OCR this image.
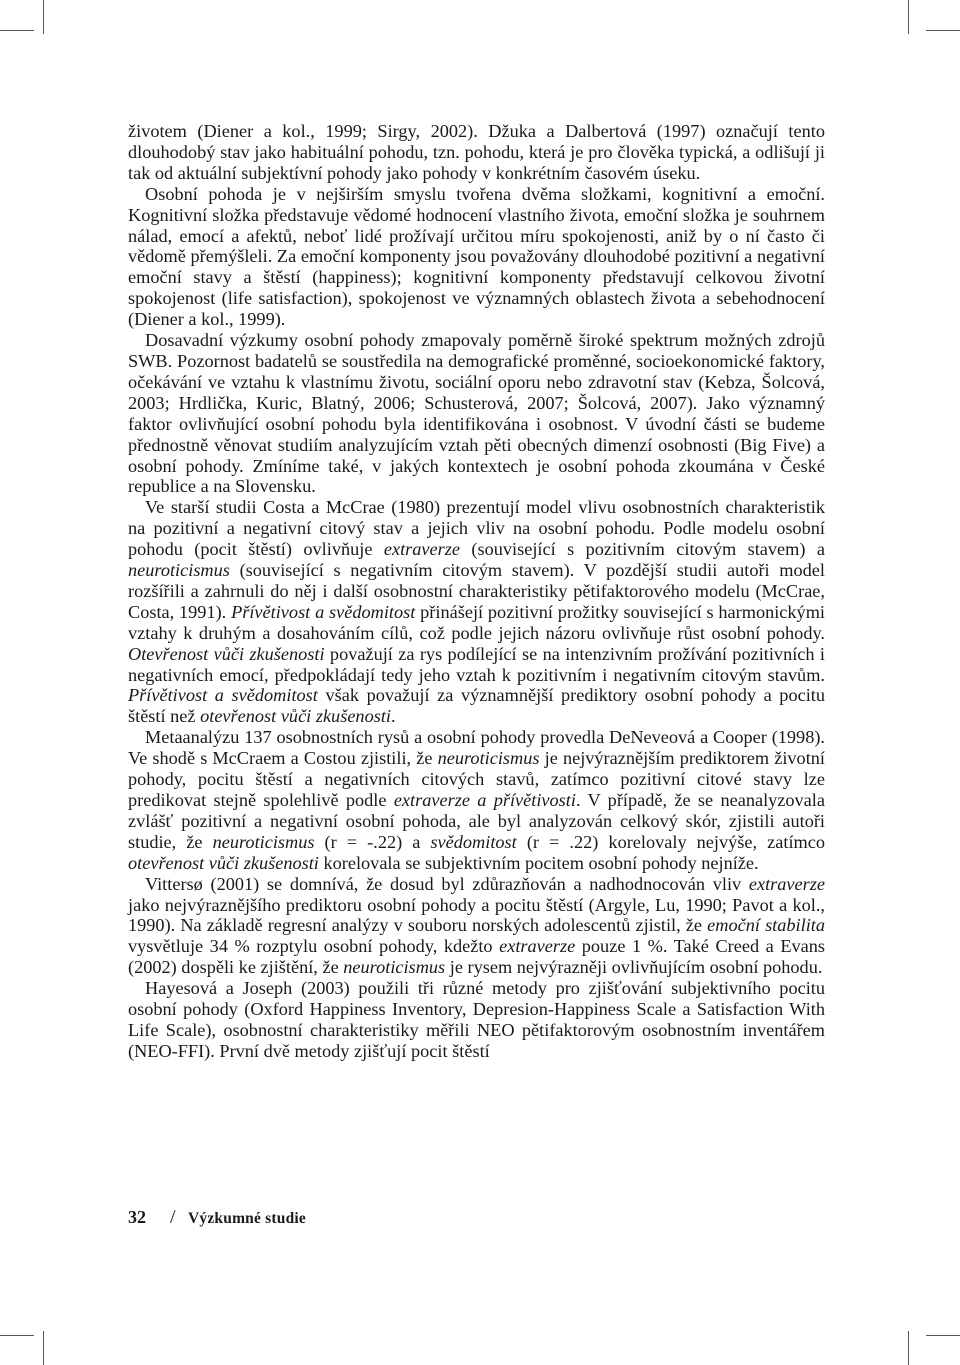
životem (Diener a kol., 1999; Sirgy, 2002). Džuka a Dalbertová (1997) označují tento dlouhodobý stav jako habituální pohodu, tzn. pohodu, která je pro člověka typická, a odlišují ji tak od aktuální subjektívní pohody jako pohody v konkrétním časovém úseku.

Osobní pohoda je v nejširším smyslu tvořena dvěma složkami, kognitivní a emoční. Kognitivní složka představuje vědomé hodnocení vlastního života, emoční složka je souhrnem nálad, emocí a afektů, neboť lidé prožívají určitou míru spokojenosti, aniž by o ní často či vědomě přemýšleli. Za emoční komponenty jsou považovány dlouhodobé pozitivní a negativní emoční stavy a štěstí (happiness); kognitivní komponenty představují celkovou životní spokojenost (life satisfaction), spokojenost ve významných oblastech života a sebehodnocení (Diener a kol., 1999).

Dosavadní výzkumy osobní pohody zmapovaly poměrně široké spektrum možných zdrojů SWB. Pozornost badatelů se soustředila na demografické proměnné, socioekonomické faktory, očekávání ve vztahu k vlastnímu životu, sociální oporu nebo zdravotní stav (Kebza, Šolcová, 2003; Hrdlička, Kuric, Blatný, 2006; Schusterová, 2007; Šolcová, 2007). Jako významný faktor ovlivňující osobní pohodu byla identifikována i osobnost. V úvodní části se budeme přednostně věnovat studiím analyzujícím vztah pěti obecných dimenzí osobnosti (Big Five) a osobní pohody. Zmíníme také, v jakých kontextech je osobní pohoda zkoumána v České republice a na Slovensku.

Ve starší studii Costa a McCrae (1980) prezentují model vlivu osobnostních charakteristik na pozitivní a negativní citový stav a jejich vliv na osobní pohodu. Podle modelu osobní pohodu (pocit štěstí) ovlivňuje extraverze (související s pozitivním citovým stavem) a neuroticismus (související s negativním citovým stavem). V pozdější studii autoři model rozšířili a zahrnuli do něj i další osobnostní charakteristiky pětifaktorového modelu (McCrae, Costa, 1991). Přívětivost a svědomitost přinášejí pozitivní prožitky související s harmonickými vztahy k druhým a dosahováním cílů, což podle jejich názoru ovlivňuje růst osobní pohody. Otevřenost vůči zkušenosti považují za rys podílející se na intenzivním prožívání pozitivních i negativních emocí, předpokládají tedy jeho vztah k pozitivním i negativním citovým stavům. Přívětivost a svědomitost však považují za významnější prediktory osobní pohody a pocitu štěstí než otevřenost vůči zkušenosti.

Metaanalýzu 137 osobnostních rysů a osobní pohody provedla DeNeveová a Cooper (1998). Ve shodě s McCraem a Costou zjistili, že neuroticismus je nejvýraznějším prediktorem životní pohody, pocitu štěstí a negativních citových stavů, zatímco pozitivní citové stavy lze predikovat stejně spolehlivě podle extraverze a přívětivosti. V případě, že se neanalyzovala zvlášť pozitivní a negativní osobní pohoda, ale byl analyzován celkový skór, zjistili autoři studie, že neuroticismus (r = -.22) a svědomitost (r = .22) korelovaly nejvýše, zatímco otevřenost vůči zkušenosti korelovala se subjektivním pocitem osobní pohody nejníže.

Vittersø (2001) se domnívá, že dosud byl zdůrazňován a nadhodnocován vliv extraverze jako nejvýraznějšího prediktoru osobní pohody a pocitu štěstí (Argyle, Lu, 1990; Pavot a kol., 1990). Na základě regresní analýzy v souboru norských adolescentů zjistil, že emoční stabilita vysvětluje 34 % rozptylu osobní pohody, kdežto extraverze pouze 1 %. Také Creed a Evans (2002) dospěli ke zjištění, že neuroticismus je rysem nejvýrazněji ovlivňujícím osobní pohodu.

Hayesová a Joseph (2003) použili tři různé metody pro zjišťování subjektivního pocitu osobní pohody (Oxford Happiness Inventory, Depresion-Happiness Scale a Satisfaction With Life Scale), osobnostní charakteristiky měřili NEO pětifaktorovým osobnostním inventářem (NEO-FFI). První dvě metody zjišťují pocit štěstí

32 / Výzkumné studie
